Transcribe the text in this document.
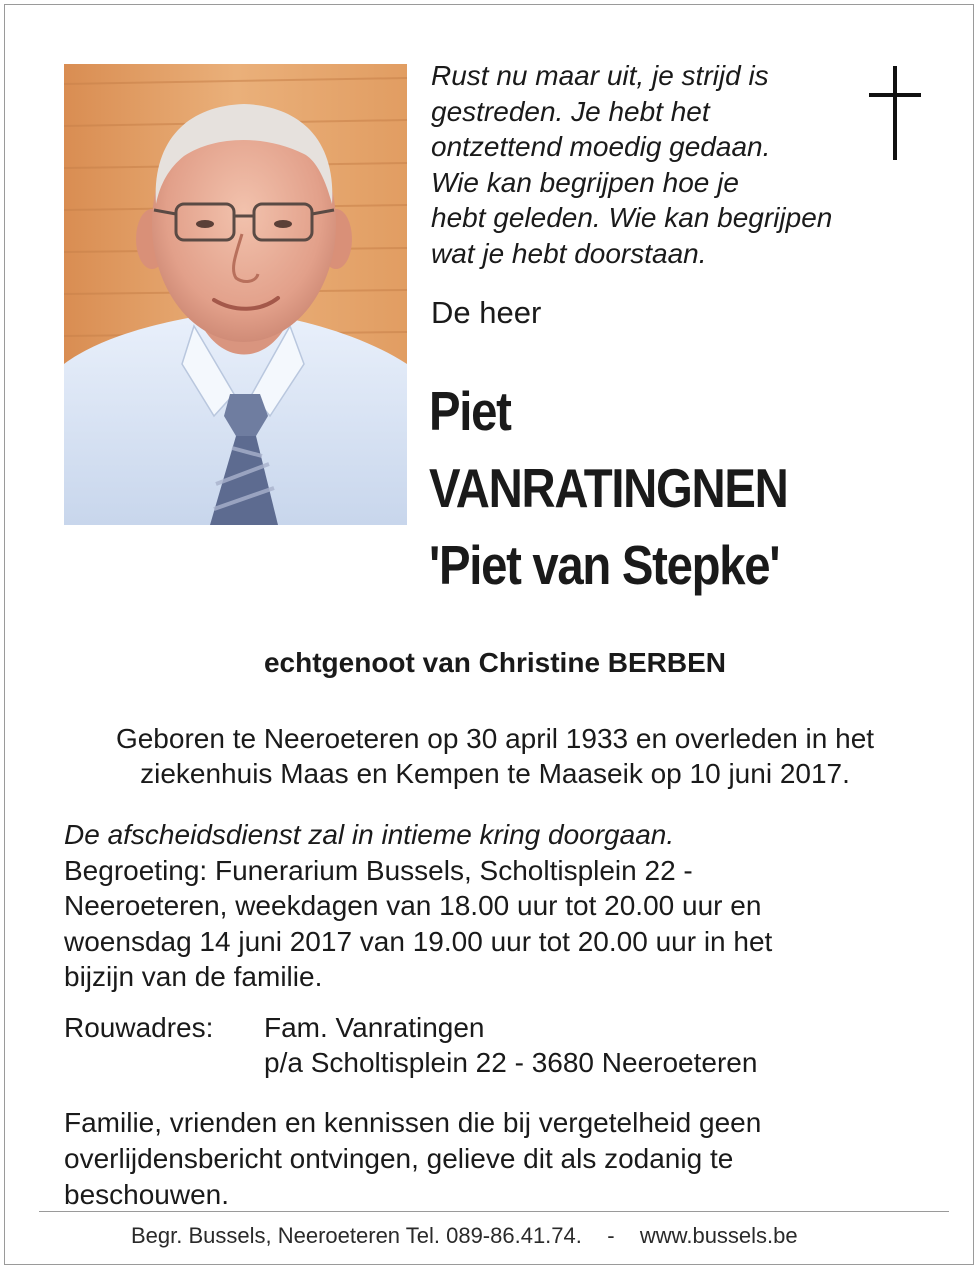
Rust nu maar uit, je strijd is
gestreden. Je hebt het
ontzettend moedig gedaan.
Wie kan begrijpen hoe je
hebt geleden. Wie kan begrijpen
wat je hebt doorstaan.
De heer
Piet
VANRATINGNEN
'Piet van Stepke'
echtgenoot van Christine BERBEN
Geboren te Neeroeteren op 30 april 1933 en overleden in het
ziekenhuis Maas en Kempen te Maaseik op 10 juni 2017.
De afscheidsdienst zal in intieme kring doorgaan.
Begroeting: Funerarium Bussels, Scholtisplein 22 -
Neeroeteren, weekdagen van 18.00 uur tot 20.00 uur en
woensdag 14 juni 2017 van 19.00 uur tot 20.00 uur in het
bijzijn van de familie.
Rouwadres: Fam. Vanratingen
p/a Scholtisplein 22 - 3680 Neeroeteren
Familie, vrienden en kennissen die bij vergetelheid geen
overlijdensbericht ontvingen, gelieve dit als zodanig te
beschouwen.
Begr. Bussels, Neeroeteren Tel. 089-86.41.74. - www.bussels.be
